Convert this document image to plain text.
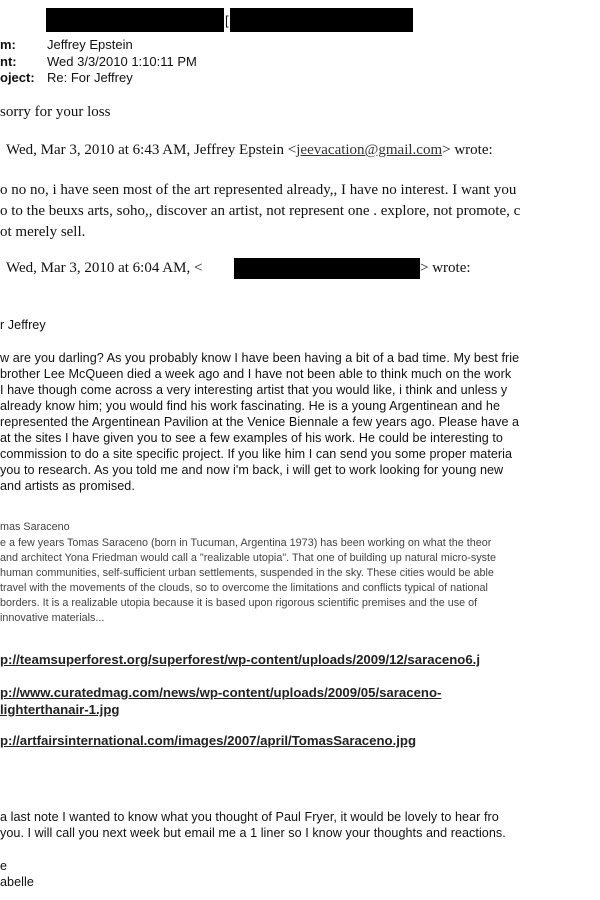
[
m: Jeffrey Epstein
nt: Wed 3/3/2010 1:10:11 PM
oject: Re: For Jeffrey
sorry for your loss
Wed, Mar 3, 2010 at 6:43 AM, Jeffrey Epstein <jeevacation@gmail.com> wrote:
o no no, i have seen most of the art represented already,, I have no interest. I want you
o to the beuxs arts, soho,, discover an artist, not represent one . explore, not promote, c
ot merely sell.
Wed, Mar 3, 2010 at 6:04 AM, <	> wrote:
r Jeffrey
w are you darling? As you probably know I have been having a bit of a bad time. My best frie
brother Lee McQueen died a week ago and I have not been able to think much on the work
I have though come across a very interesting artist that you would like, i think and unless y
already know him; you would find his work fascinating. He is a young Argentinean and he
represented the Argentinean Pavilion at the Venice Biennale a few years ago. Please have a
at the sites I have given you to see a few examples of his work. He could be interesting to
commission to do a site specific project. If you like him I can send you some proper materia
you to research. As you told me and now i'm back, i will get to work looking for young new
and artists as promised.
mas Saraceno
e a few years Tomas Saraceno (born in Tucuman, Argentina 1973) has been working on what the theor
and architect Yona Friedman would call a "realizable utopia". That one of building up natural micro-syste
human communities, self-sufficient urban settlements, suspended in the sky. These cities would be able
travel with the movements of the clouds, so to overcome the limitations and conflicts typical of national
borders. It is a realizable utopia because it is based upon rigorous scientific premises and the use of
innovative materials...
p://teamsuperforest.org/superforest/wp-content/uploads/2009/12/saraceno6.j
p://www.curatedmag.com/news/wp-content/uploads/2009/05/saraceno-
lighterthanair-1.jpg
p://artfairsinternational.com/images/2007/april/TomasSaraceno.jpg
a last note I wanted to know what you thought of Paul Fryer, it would be lovely to hear fro
you. I will call you next week but email me a 1 liner so I know your thoughts and reactions.
e
abelle
